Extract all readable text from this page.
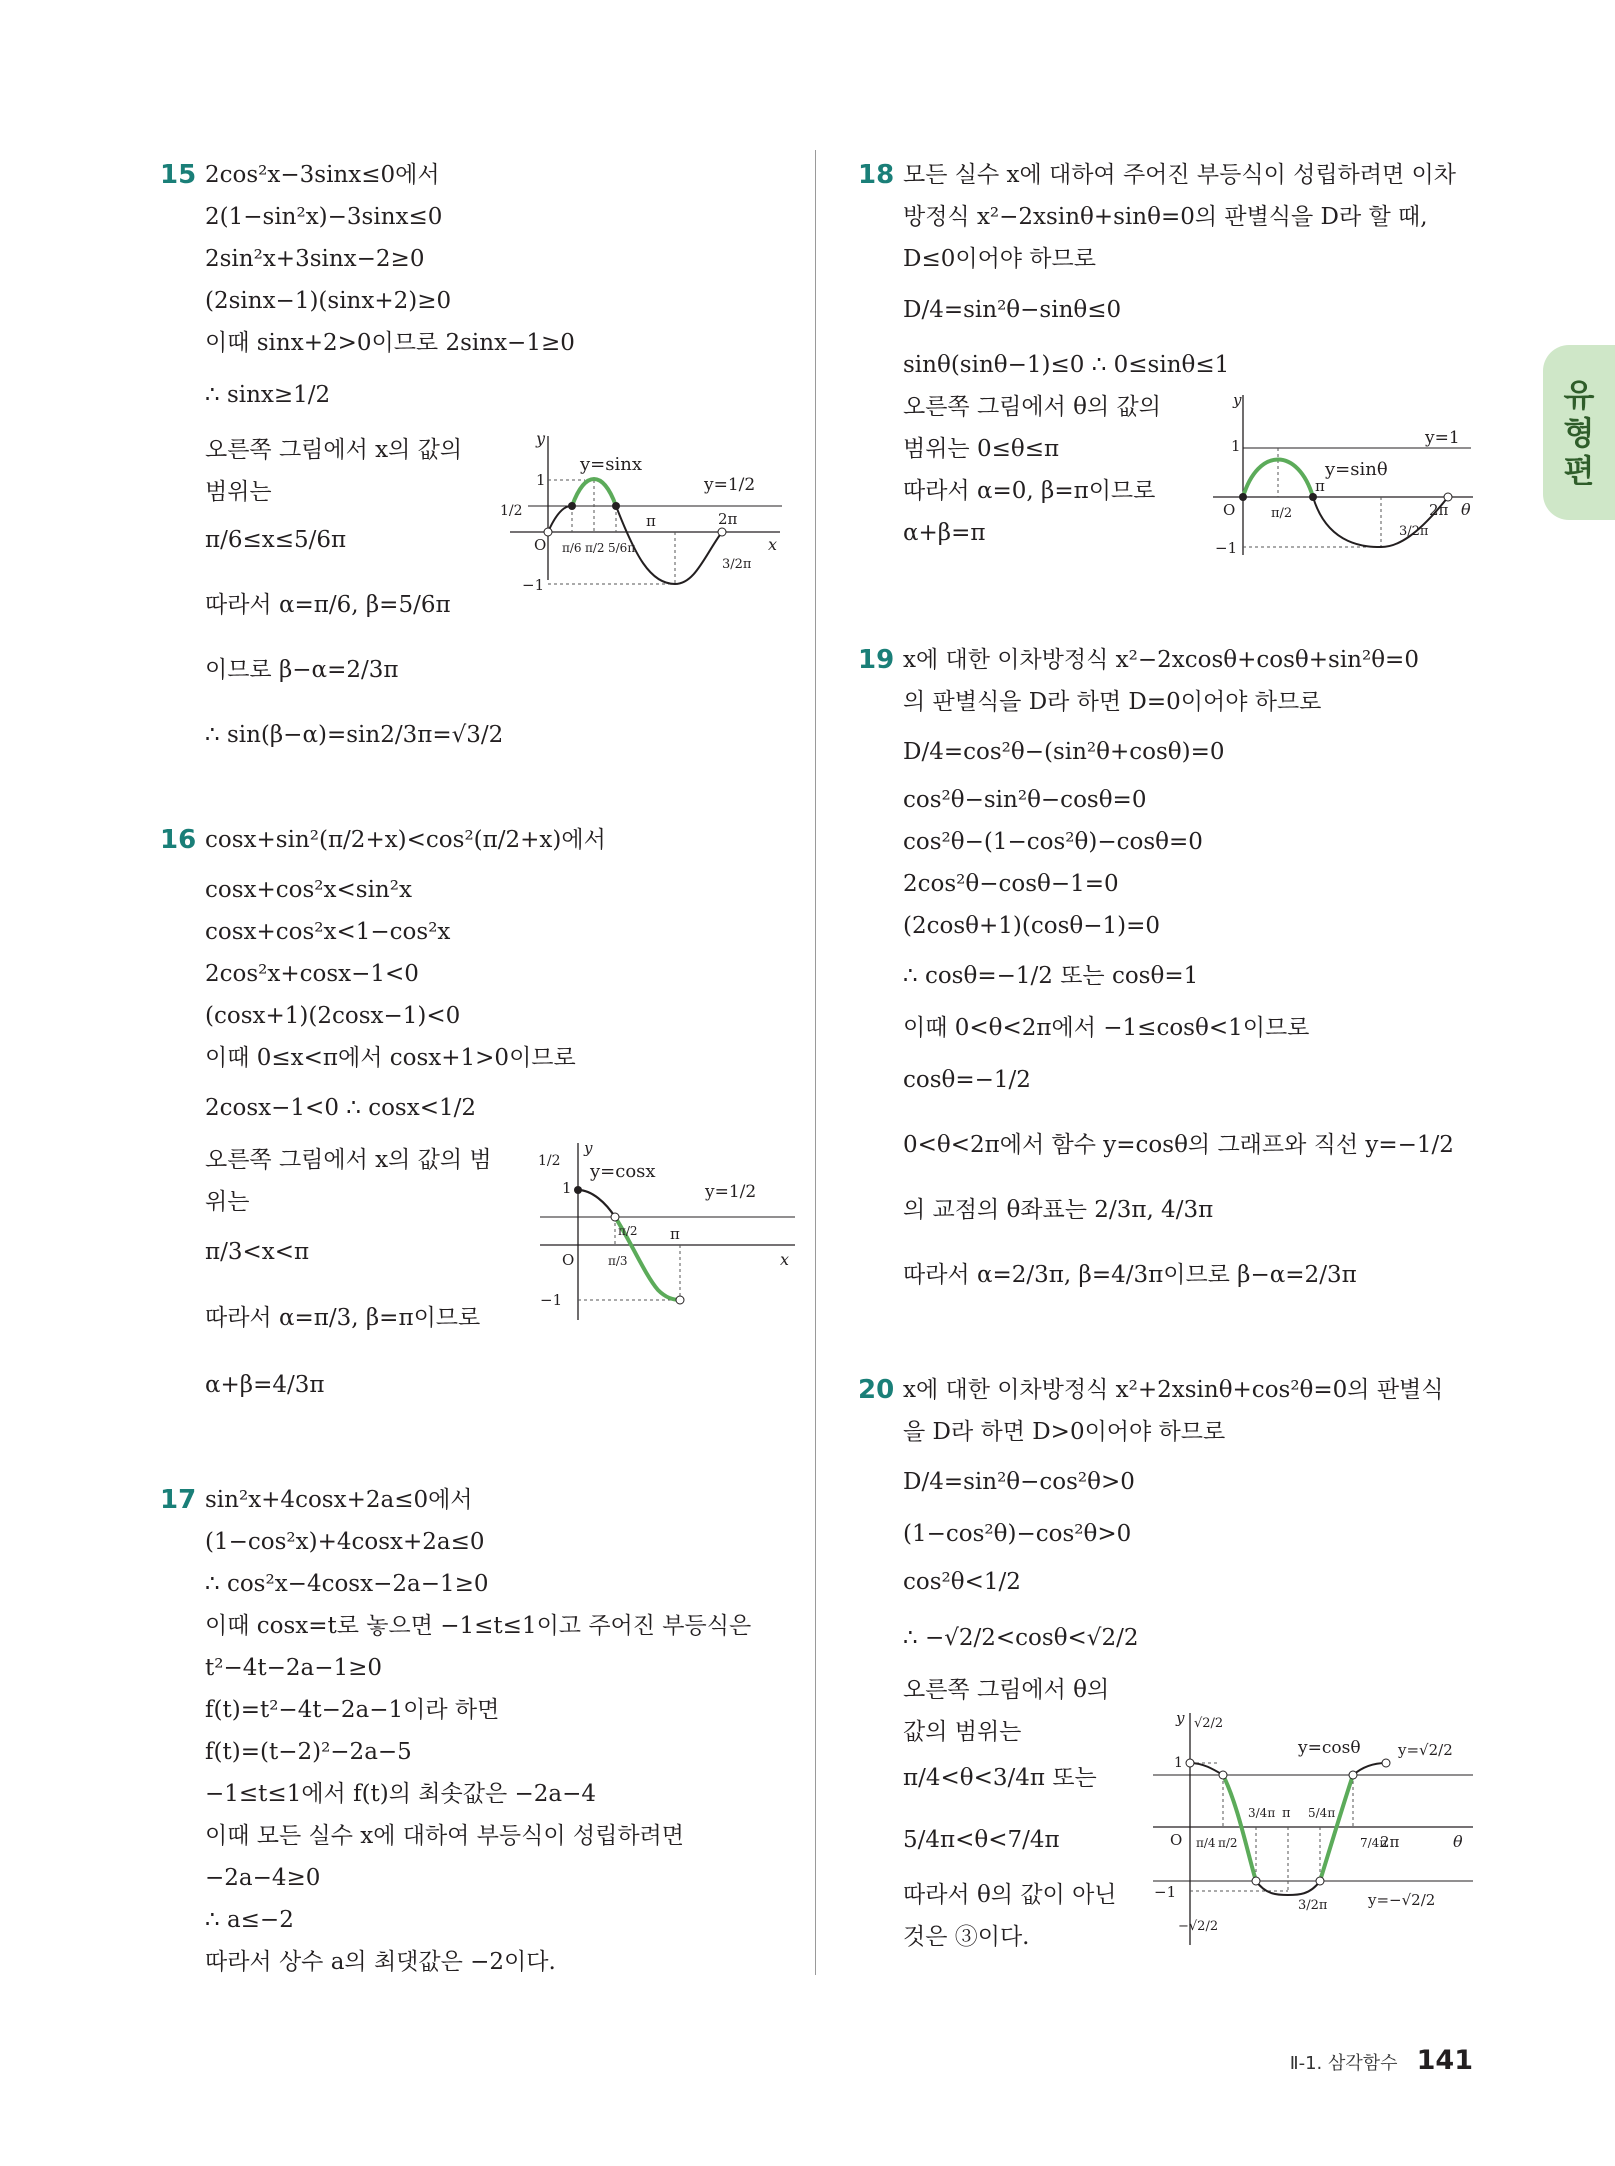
유
형
편
15 2cos²x−3sinx≤0에서
2(1−sin²x)−3sinx≤0
2sin²x+3sinx−2≥0
(2sinx−1)(sinx+2)≥0
이때 sinx+2>0이므로 2sinx−1≥0
∴ sinx≥1/2
오른쪽 그림에서 x의 값의
범위는
π/6≤x≤5/6π
따라서 α=π/6, β=5/6π
이므로 β−α=2/3π
∴ sin(β−α)=sin2/3π=√3/2
y
y=sinx
y=1/2
1
1/2
O π/6 π/2 5/6π
π	2π
3/2π
−1
x
16 cosx+sin²(π/2+x)<cos²(π/2+x)에서
cosx+cos²x<sin²x
cosx+cos²x<1−cos²x
2cos²x+cosx−1<0
(cosx+1)(2cosx−1)<0
이때 0≤x<π에서 cosx+1>0이므로
2cosx−1<0 ∴ cosx<1/2
오른쪽 그림에서 x의 값의 범
위는
π/3<x<π
따라서 α=π/3, β=π이므로
α+β=4/3π
y
1/2 y=cosx
y=1/2
1
O
π/2
π/3
π
−1
x
17 sin²x+4cosx+2a≤0에서
(1−cos²x)+4cosx+2a≤0
∴ cos²x−4cosx−2a−1≥0
이때 cosx=t로 놓으면 −1≤t≤1이고 주어진 부등식은
t²−4t−2a−1≥0
f(t)=t²−4t−2a−1이라 하면
f(t)=(t−2)²−2a−5
−1≤t≤1에서 f(t)의 최솟값은 −2a−4
이때 모든 실수 x에 대하여 부등식이 성립하려면
−2a−4≥0
∴ a≤−2
따라서 상수 a의 최댓값은 −2이다.
18 모든 실수 x에 대하여 주어진 부등식이 성립하려면 이차
방정식 x²−2xsinθ+sinθ=0의 판별식을 D라 할 때,
D≤0이어야 하므로
D/4=sin²θ−sinθ≤0
sinθ(sinθ−1)≤0 ∴ 0≤sinθ≤1
오른쪽 그림에서 θ의 값의
범위는 0≤θ≤π
따라서 α=0, β=π이므로
α+β=π
y
1	y=1
y=sinθ
O	π/2
π
2π θ
3/2π
−1
19 x에 대한 이차방정식 x²−2xcosθ+cosθ+sin²θ=0
의 판별식을 D라 하면 D=0이어야 하므로
D/4=cos²θ−(sin²θ+cosθ)=0
cos²θ−sin²θ−cosθ=0
cos²θ−(1−cos²θ)−cosθ=0
2cos²θ−cosθ−1=0
(2cosθ+1)(cosθ−1)=0
∴ cosθ=−1/2 또는 cosθ=1
이때 0<θ<2π에서 −1≤cosθ<1이므로
cosθ=−1/2
0<θ<2π에서 함수 y=cosθ의 그래프와 직선 y=−1/2
의 교점의 θ좌표는 2/3π, 4/3π
따라서 α=2/3π, β=4/3π이므로 β−α=2/3π
20 x에 대한 이차방정식 x²+2xsinθ+cos²θ=0의 판별식
을 D라 하면 D>0이어야 하므로
D/4=sin²θ−cos²θ>0
(1−cos²θ)−cos²θ>0
cos²θ<1/2
∴ −√2/2<cosθ<√2/2
오른쪽 그림에서 θ의
값의 범위는
π/4<θ<3/4π 또는
5/4π<θ<7/4π
따라서 θ의 값이 아닌
것은 ③이다.
y √2/2
y=cosθ y=√2/2
1
O π/4 π/2
3/4π π 5/4π
7/4π
2π	θ
3/2π
−1	y=−√2/2
−√2/2
Ⅱ-1. 삼각함수 141
